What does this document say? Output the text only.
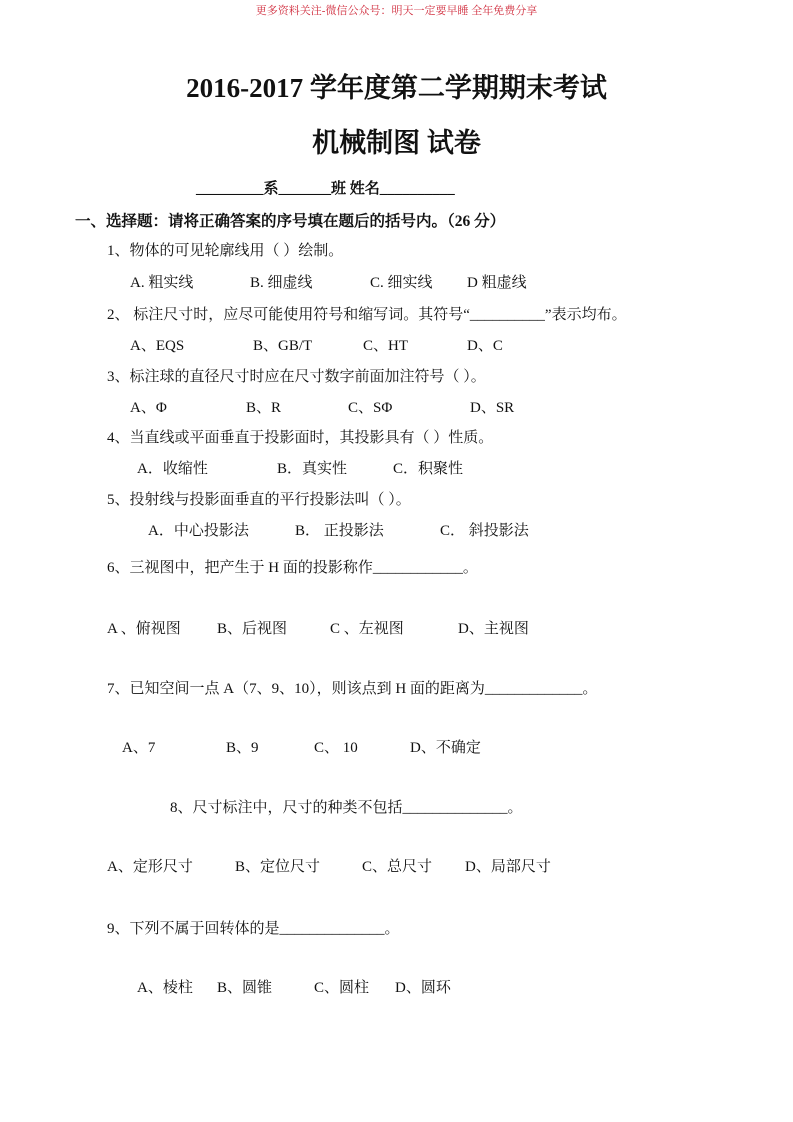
更多资料关注-微信公众号：明天一定要早睡 全年免费分享
2016-2017 学年度第二学期期末考试
机械制图 试卷
_________系_______班 姓名__________
一、选择题：请将正确答案的序号填在题后的括号内。（26 分）
1、物体的可见轮廓线用（ ）绘制。
A. 粗实线	B. 细虚线	C. 细实线 D 粗虚线
2、 标注尺寸时，应尽可能使用符号和缩写词。其符号“__________”表示均布。
A、EQS	B、GB/T	C、HT	D、C
3、标注球的直径尺寸时应在尺寸数字前面加注符号（ ）。
A、Φ	B、R	C、SΦ	D、SR
4、当直线或平面垂直于投影面时，其投影具有（ ）性质。
A．收缩性	B．真实性	C．积聚性
5、投射线与投影面垂直的平行投影法叫（ ）。
A．中心投影法	B． 正投影法	C． 斜投影法
6、三视图中，把产生于 H 面的投影称作____________。
A 、俯视图 B、后视图	C 、左视图	D、主视图
7、已知空间一点 A（7、9、10），则该点到 H 面的距离为_____________。
A、7	B、9	C、 10	D、不确定
8、尺寸标注中，尺寸的种类不包括______________。
A、定形尺寸	B、定位尺寸	C、总尺寸 D、局部尺寸
9、下列不属于回转体的是______________。
A、棱柱 B、圆锥	C、圆柱 D、圆环
